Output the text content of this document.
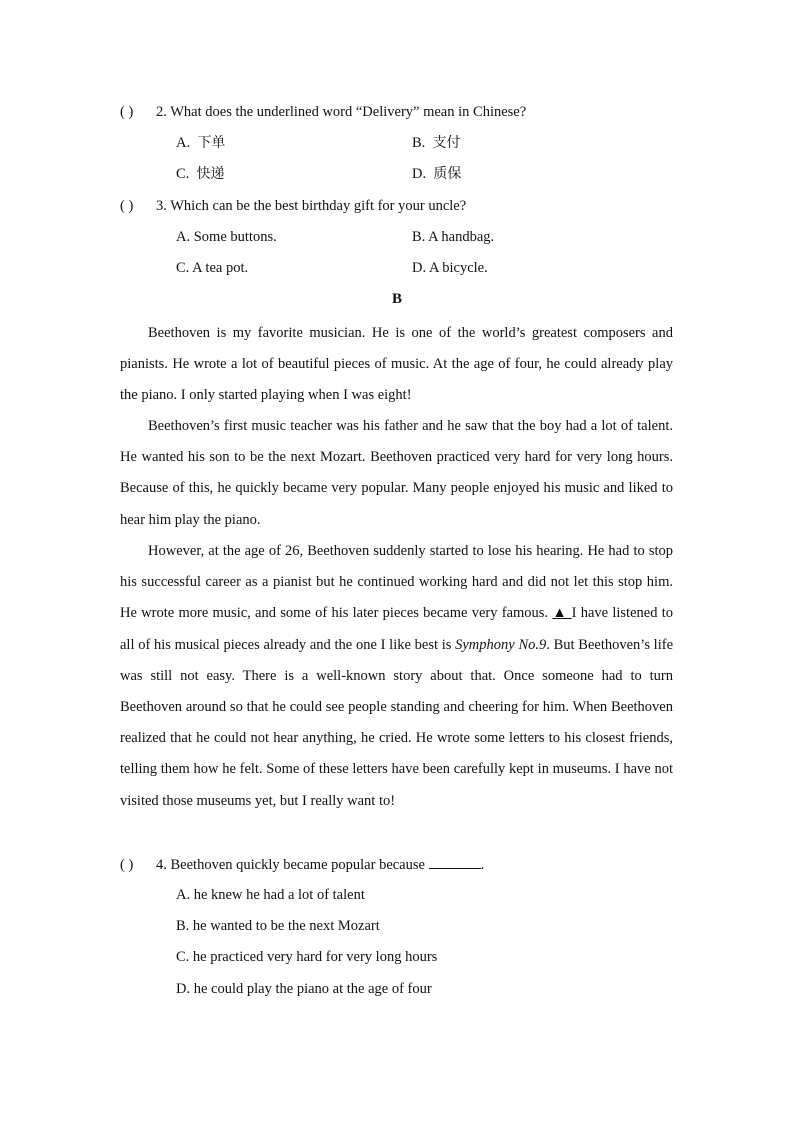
( ) 2. What does the underlined word “Delivery” mean in Chinese?
A. 下单	B. 支付
C. 快递	D. 质保
( ) 3. Which can be the best birthday gift for your uncle?
A. Some buttons.	B. A handbag.
C. A tea pot.	D. A bicycle.
B

Beethoven is my favorite musician. He is one of the world’s greatest composers and pianists. He wrote a lot of beautiful pieces of music. At the age of four, he could already play the piano. I only started playing when I was eight!

Beethoven’s first music teacher was his father and he saw that the boy had a lot of talent. He wanted his son to be the next Mozart. Beethoven practiced very hard for very long hours. Because of this, he quickly became very popular. Many people enjoyed his music and liked to hear him play the piano.

However, at the age of 26, Beethoven suddenly started to lose his hearing. He had to stop his successful career as a pianist but he continued working hard and did not let this stop him. He wrote more music, and some of his later pieces became very famous. ▲ I have listened to all of his musical pieces already and the one I like best is Symphony No.9. But Beethoven’s life was still not easy. There is a well-known story about that. Once someone had to turn Beethoven around so that he could see people standing and cheering for him. When Beethoven realized that he could not hear anything, he cried. He wrote some letters to his closest friends, telling them how he felt. Some of these letters have been carefully kept in museums. I have not visited those museums yet, but I really want to!

( ) 4. Beethoven quickly became popular because	.
A. he knew he had a lot of talent
B. he wanted to be the next Mozart
C. he practiced very hard for very long hours
D. he could play the piano at the age of four
